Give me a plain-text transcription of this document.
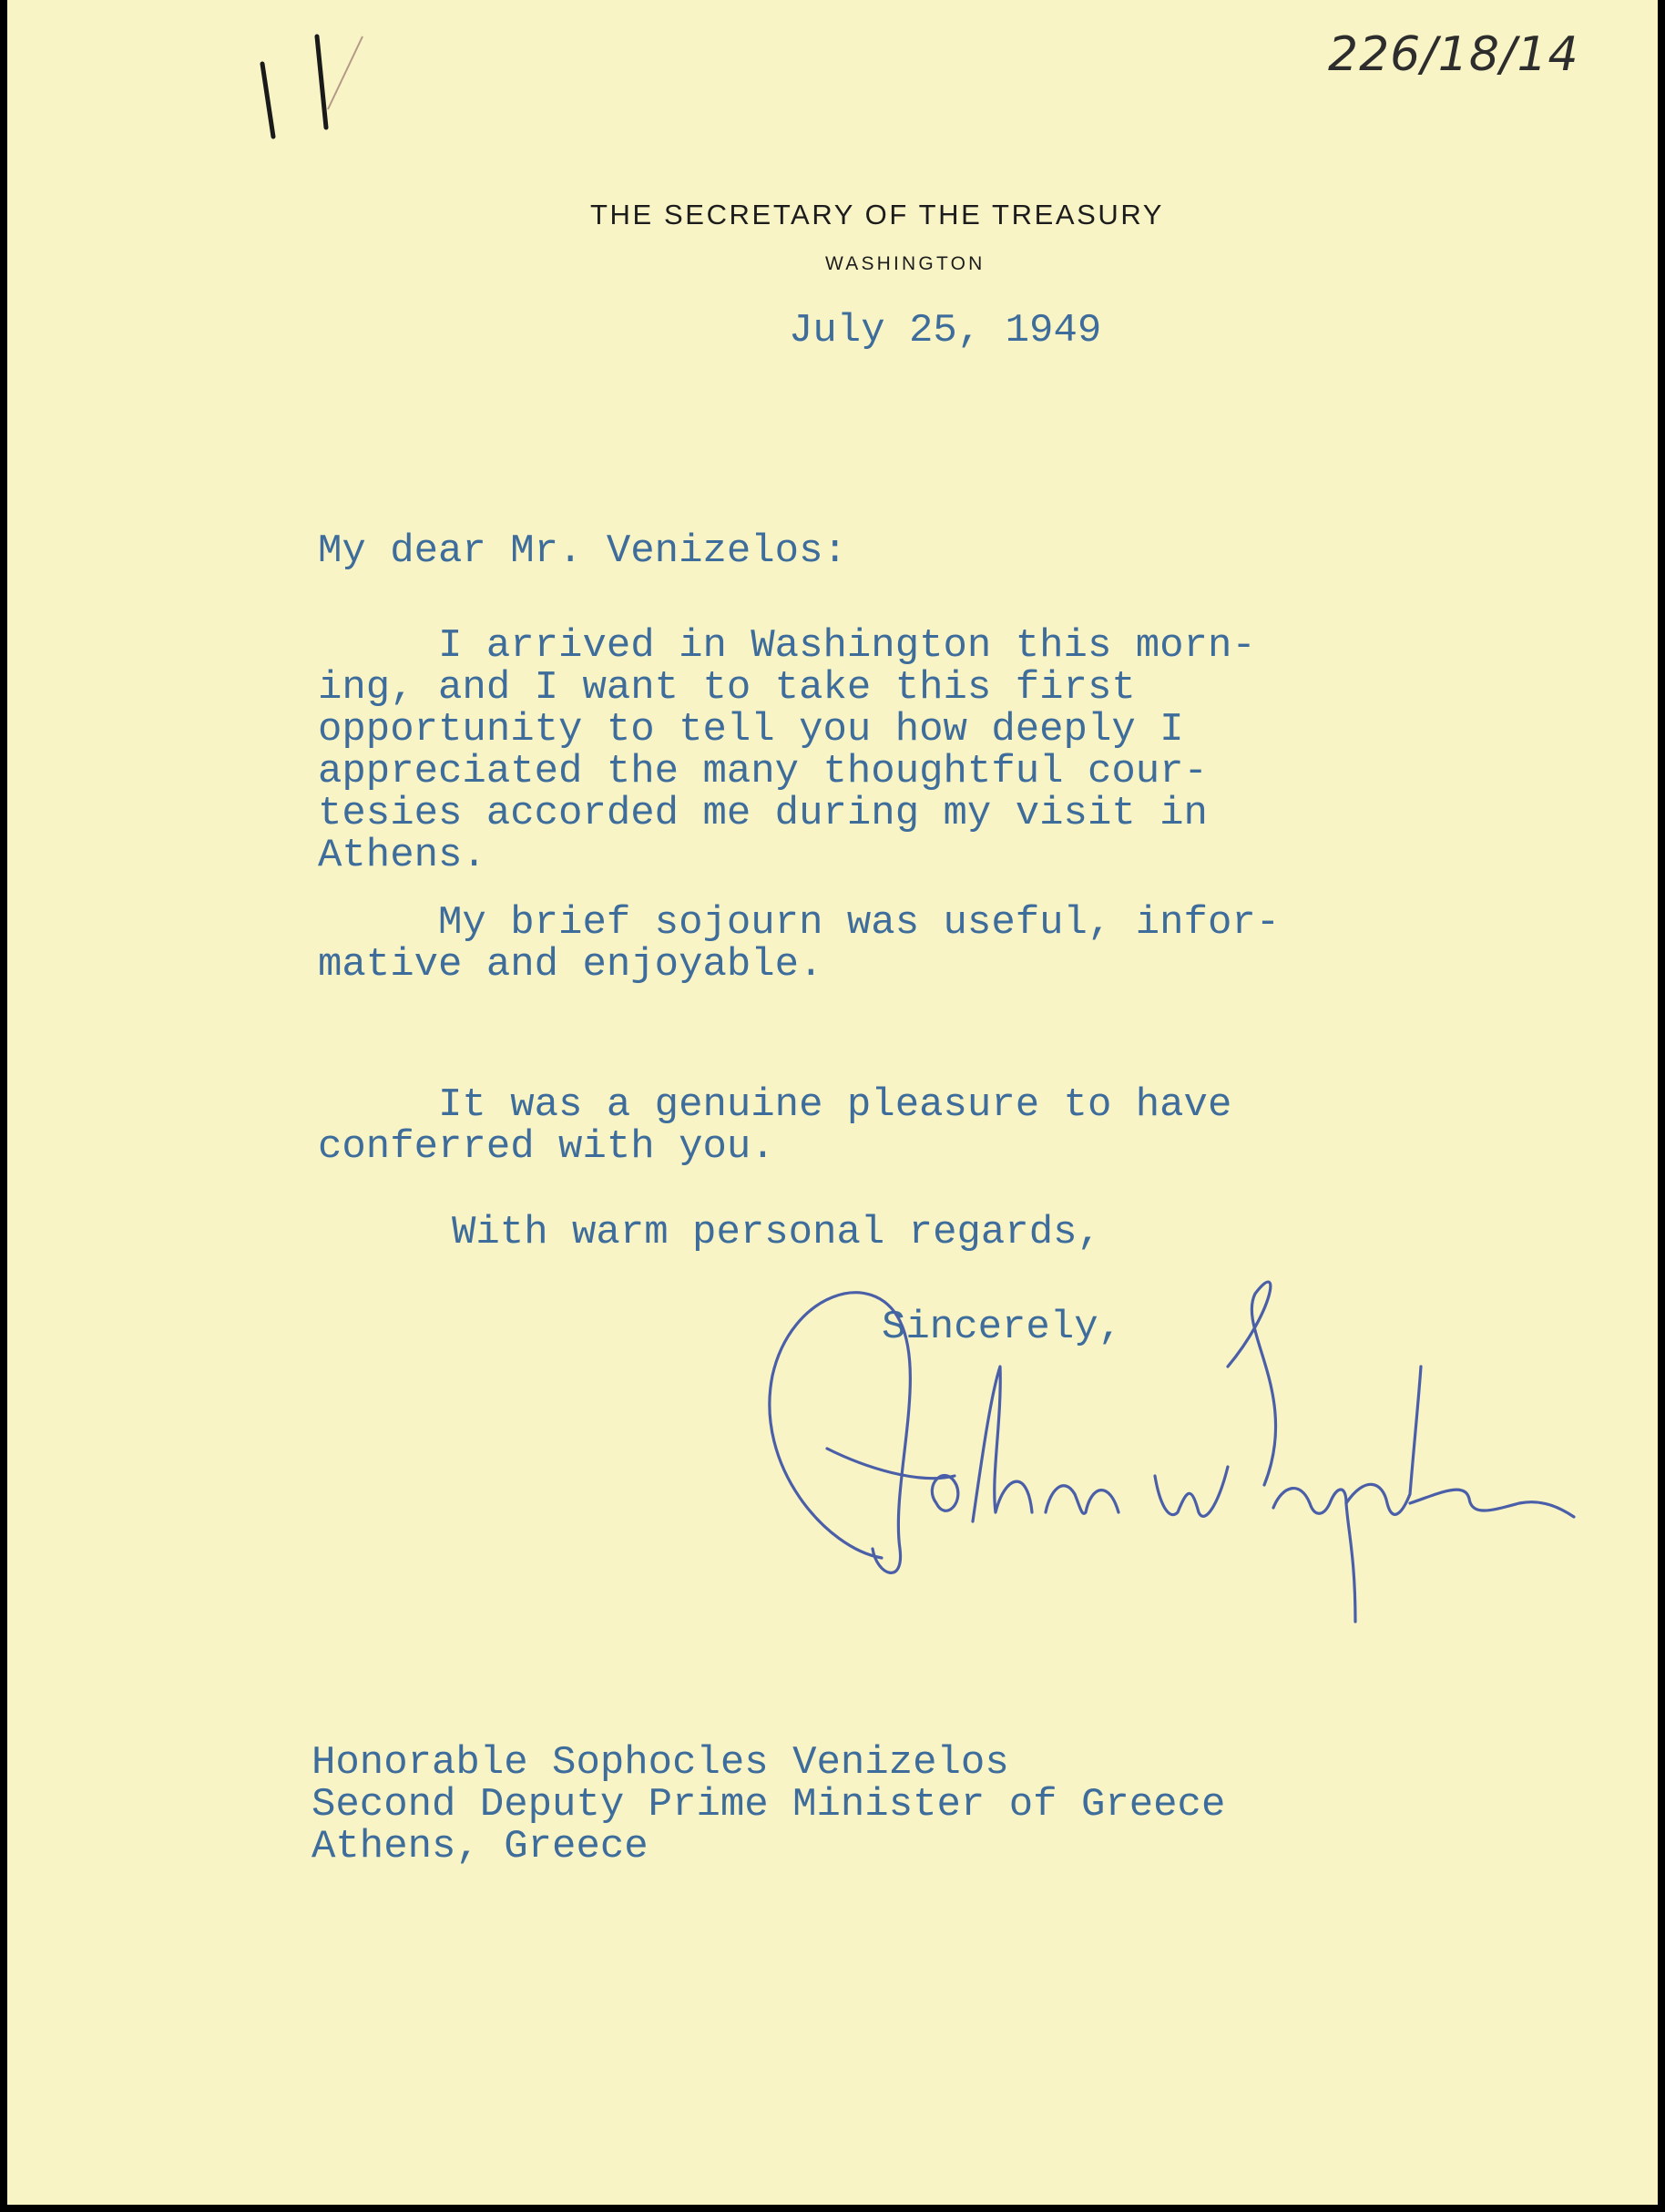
226/18/14
THE SECRETARY OF THE TREASURY
WASHINGTON
July 25, 1949
My dear Mr. Venizelos:
I arrived in Washington this morn-
ing, and I want to take this first
opportunity to tell you how deeply I
appreciated the many thoughtful cour-
tesies accorded me during my visit in
Athens.
My brief sojourn was useful, infor-
mative and enjoyable.
It was a genuine pleasure to have
conferred with you.
With warm personal regards,
Sincerely,
Honorable Sophocles Venizelos
Second Deputy Prime Minister of Greece
Athens, Greece
